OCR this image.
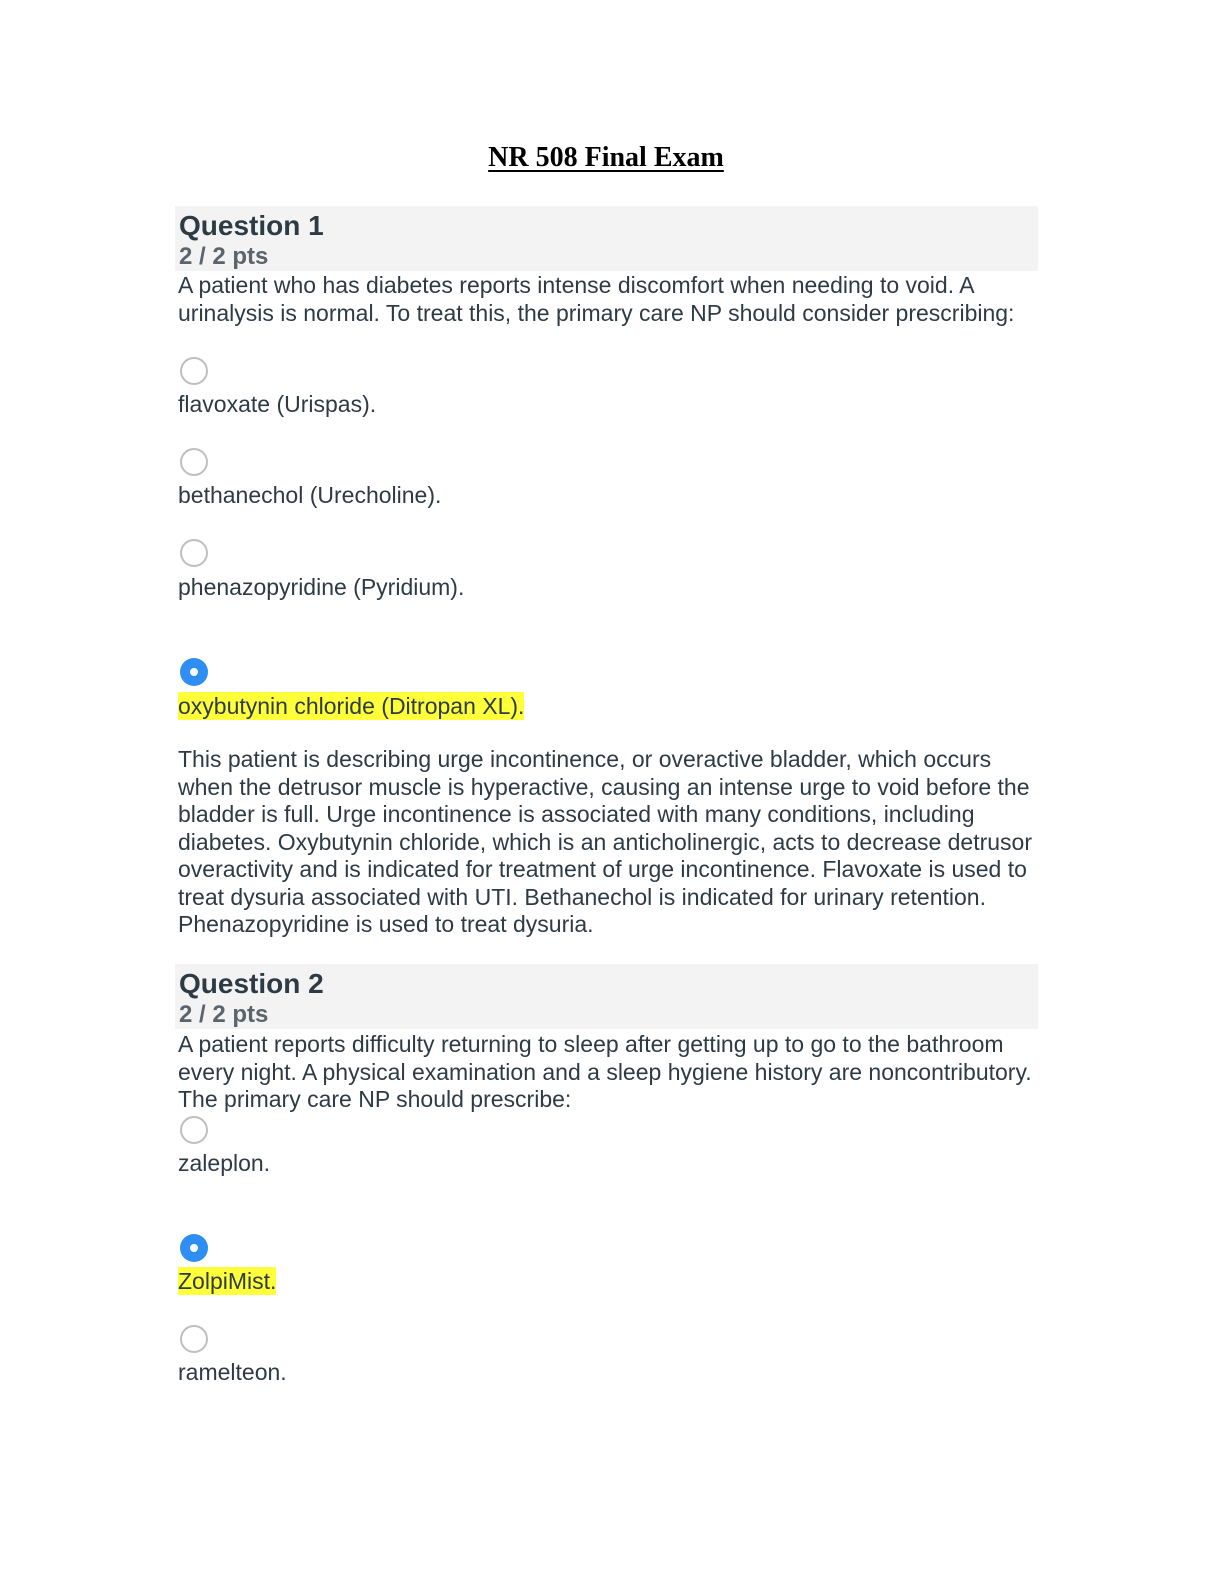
NR 508 Final Exam
Question 1
2 / 2 pts
A patient who has diabetes reports intense discomfort when needing to void. A urinalysis is normal. To treat this, the primary care NP should consider prescribing:
flavoxate (Urispas).
bethanechol (Urecholine).
phenazopyridine (Pyridium).
oxybutynin chloride (Ditropan XL).
This patient is describing urge incontinence, or overactive bladder, which occurs when the detrusor muscle is hyperactive, causing an intense urge to void before the bladder is full. Urge incontinence is associated with many conditions, including diabetes. Oxybutynin chloride, which is an anticholinergic, acts to decrease detrusor overactivity and is indicated for treatment of urge incontinence. Flavoxate is used to treat dysuria associated with UTI. Bethanechol is indicated for urinary retention. Phenazopyridine is used to treat dysuria.
Question 2
2 / 2 pts
A patient reports difficulty returning to sleep after getting up to go to the bathroom every night. A physical examination and a sleep hygiene history are noncontributory. The primary care NP should prescribe:
zaleplon.
ZolpiMist.
ramelteon.
